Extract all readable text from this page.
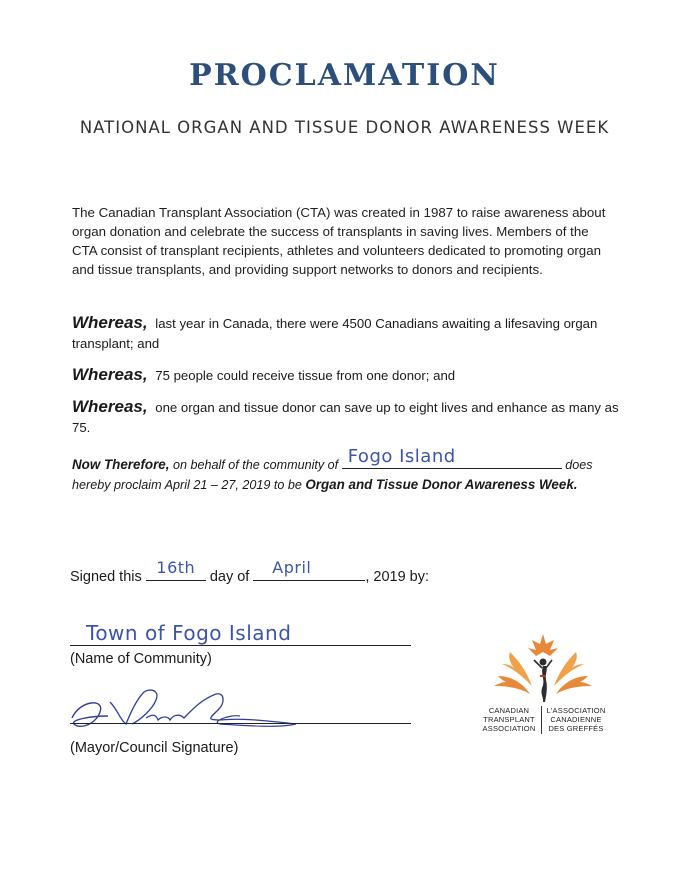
PROCLAMATION
NATIONAL ORGAN AND TISSUE DONOR AWARENESS WEEK
The Canadian Transplant Association (CTA) was created in 1987 to raise awareness about organ donation and celebrate the success of transplants in saving lives. Members of the CTA consist of transplant recipients, athletes and volunteers dedicated to promoting organ and tissue transplants, and providing support networks to donors and recipients.
Whereas, last year in Canada, there were 4500 Canadians awaiting a lifesaving organ transplant; and
Whereas, 75 people could receive tissue from one donor; and
Whereas, one organ and tissue donor can save up to eight lives and enhance as many as 75.
Now Therefore, on behalf of the community of Fogo Island	does hereby proclaim April 21 – 27, 2019 to be Organ and Tissue Donor Awareness Week.
Signed this 16th	day of	April	, 2019 by:
Town of Fogo Island
(Name of Community)
(Mayor/Council Signature)
CANADIAN
TRANSPLANT
ASSOCIATION
L'ASSOCIATION
CANADIENNE
DES GREFFÉS
